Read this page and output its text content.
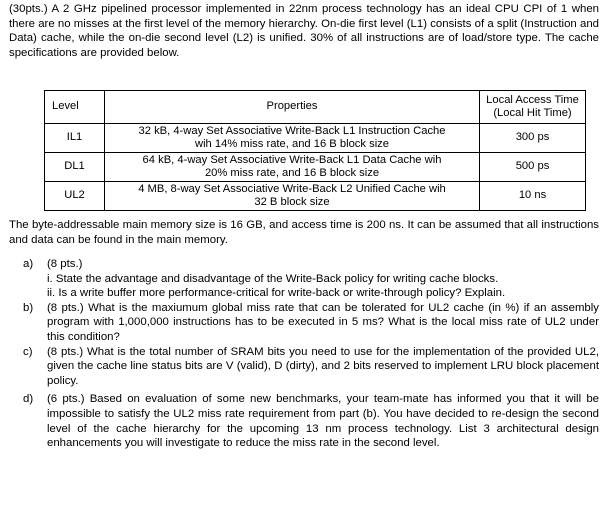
(30pts.) A 2 GHz pipelined processor implemented in 22nm process technology has an ideal CPU CPI of 1 when there are no misses at the first level of the memory hierarchy. On-die first level (L1) consists of a split (Instruction and Data) cache, while the on-die second level (L2) is unified. 30% of all instructions are of load/store type. The cache specifications are provided below.
Level	Properties	Local Access Time
(Local Hit Time)
IL1	32 kB, 4-way Set Associative Write-Back L1 Instruction Cache
wih 14% miss rate, and 16 B block size	300 ps
DL1	64 kB, 4-way Set Associative Write-Back L1 Data Cache wih
20% miss rate, and 16 B block size	500 ps
UL2	4 MB, 8-way Set Associative Write-Back L2 Unified Cache wih
32 B block size	10 ns
The byte-addressable main memory size is 16 GB, and access time is 200 ns. It can be assumed that all instructions and data can be found in the main memory.
a)	(8 pts.)
i. State the advantage and disadvantage of the Write-Back policy for writing cache blocks.
ii. Is a write buffer more performance-critical for write-back or write-through policy? Explain.
b)	(8 pts.) What is the maxiumum global miss rate that can be tolerated for UL2 cache (in %) if an assembly program with 1,000,000 instructions has to be executed in 5 ms? What is the local miss rate of UL2 under this condition?
c)	(8 pts.) What is the total number of SRAM bits you need to use for the implementation of the provided UL2, given the cache line status bits are V (valid), D (dirty), and 2 bits reserved to implement LRU block placement policy.
d)	(6 pts.) Based on evaluation of some new benchmarks, your team-mate has informed you that it will be impossible to satisfy the UL2 miss rate requirement from part (b). You have decided to re-design the second level of the cache hierarchy for the upcoming 13 nm process technology. List 3 architectural design enhancements you will investigate to reduce the miss rate in the second level.
